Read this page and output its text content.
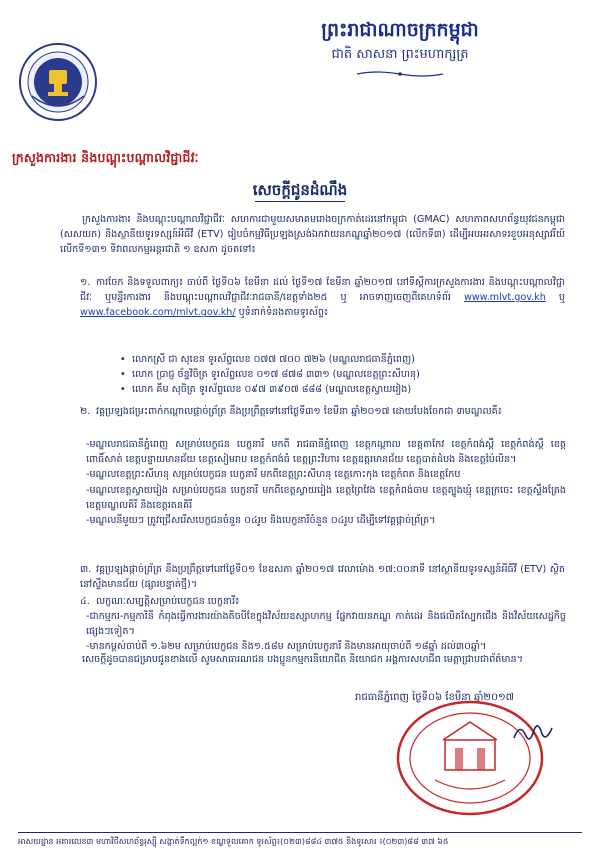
ព្រះរាជាណាចក្រកម្ពុជា
ជាតិ សាសនា ព្រះមហាក្សត្រ
ក្រសួងការងារ និងបណ្តុះបណ្តាលវិជ្ជាជីវៈ
សេចក្តីជូនដំណឹង
ក្រសួងការងារ និងបណ្តុះបណ្តាលវិជ្ជាជីវៈ សហការជាមួយសមាគមរោងចក្រកាត់ដេរនៅកម្ពុជា (GMAC) សហភាពសហព័ន្ធយុវជនកម្ពុជា (សសយក) និងស្ថានីយទូរទស្សន៍អីធីវី (ETV) រៀបចំកម្មវិធីប្រឡងស្រង់ឯកវាយនភណ្ឌឆ្នាំ២០១៧ (លើកទី៣) ដើម្បីអបអរសាទរខួបអនុស្សាវរីយ៍លើកទី១៣១ ទិវាពលកម្មអន្តរជាតិ ១ ឧសភា ដូចតទៅ៖
១. ការចែក និងទទួលពាក្យ៖ ចាប់ពី ថ្ងៃទី០៦ ខែមីនា ដល់ ថ្ងៃទី១៧ ខែមីនា ឆ្នាំ២០១៧ នៅទីស្តីការក្រសួងការងារ និងបណ្តុះបណ្តាលវិជ្ជាជីវៈ ឬមន្ទីរការងារ និងបណ្តុះបណ្តាលវិជ្ជាជីវៈរាជធានី/ខេត្តទាំង២៥ ឬ អាចទាញចេញពីគេហទំព័រ www.mlvt.gov.kh ឬ www.facebook.com/mlvt.gov.kh/ ឬទំនាក់ទំនងតាមទូរស័ព្ទ៖
• លោកស្រី ជា សុខេន ទូរស័ព្ទលេខ ០៧៧ ៧០០ ៧២៦ (មណ្ឌលរាជធានីភ្នំពេញ)
• លោក ប្រាជ្ញ ច័ន្ទវិចិត្រ ទូរស័ព្ទលេខ ០១៧ ៨៧៨ ៣៣១ (មណ្ឌលខេត្តព្រះសីហនុ)
• លោក គឹម សុចិត្រ ទូរស័ព្ទលេខ ០៩៧ ៣៩០៧ ៨៨៨ (មណ្ឌលខេត្តស្វាយរៀង)
២. វគ្គប្រឡងជម្រះពាក់កណ្តាលផ្តាច់ព្រ័ត្រ នឹងប្រព្រឹត្តទៅនៅថ្ងៃទី៣១ ខែមីនា ឆ្នាំ២០១៧ ដោយបែងចែកជា ៣មណ្ឌលគឺ៖
-មណ្ឌលរាជធានីភ្នំពេញ សម្រាប់បេក្ខជន បេក្ខនារី មកពី រាជធានីភ្នំពេញ ខេត្តកណ្តាល ខេត្តតាកែវ ខេត្តកំពង់ស្ពឺ ខេត្តកំពង់ស្ពឺ ខេត្តពោធិ៍សាត់ ខេត្តបន្ទាយមានជ័យ ខេត្តសៀមរាប ខេត្តកំពង់ធំ ខេត្តព្រះវិហារ ខេត្តឧត្តរមានជ័យ ខេត្តបាត់ដំបង និងខេត្តប៉ៃលិន។
-មណ្ឌលខេត្តព្រះសីហនុ សម្រាប់បេក្ខជន បេក្ខនារី មកពីខេត្តព្រះសីហនុ ខេត្តកោះកុង ខេត្តកំពត និងខេត្តកែប
-មណ្ឌលខេត្តស្វាយរៀង សម្រាប់បេក្ខជន បេក្ខនារី មកពីខេត្តស្វាយរៀង ខេត្តព្រៃវែង ខេត្តកំពង់ចាម ខេត្តត្បូងឃ្មុំ ខេត្តក្រចេះ ខេត្តស្ទឹងត្រែង ខេត្តមណ្ឌលគិរី និងខេត្តរតនគិរី
-មណ្ឌលនីមួយៗ ត្រូវជ្រើសរើសបេក្ខជនចំនួន ០៤រូប និងបេក្ខនារីចំនួន ០៤រូប ដើម្បីទៅវគ្គផ្តាច់ព្រ័ត្រ។
៣. វគ្គប្រឡងផ្តាច់ព្រ័ត្រ នឹងប្រព្រឹត្តទៅនៅថ្ងៃទី០១ ខែឧសភា ឆ្នាំ២០១៧ វេលាម៉ោង ១៧:០០នាទី នៅស្ថានីយទូរទស្សន៍អីធីវី (ETV) ស្ថិតនៅស្ទឹងមានជ័យ (ផ្សារបន្ទាត់ថ្មី)។
៤. លក្ខណៈសម្បត្តិសម្រាប់បេក្ខជន បេក្ខនារី៖
-ជាកម្មករ-កម្មការិនី កំពុងធ្វើការងារយ៉ាងតិចបីខែក្នុងវិស័យឧស្សាហកម្ម ផ្នែកវាយនភណ្ឌ កាត់ដេរ និងផលិតស្បែកជើង និងវិស័យសេដ្ឋកិច្ចផ្សេងៗទៀត។
-មានកម្ពស់ចាប់ពី ១.៦២ម សម្រាប់បេក្ខជន និង១.៥៨ម សម្រាប់បេក្ខនារី និងមានអាយុចាប់ពី ១៨ឆ្នាំ ដល់៣០ឆ្នាំ។
សេចក្តីដូចបានជម្រាបជូនខាងលើ សូមសាធារណជន បងប្អូនកម្មករនិយោជិត និយោជក អង្គការសហជីព មេត្តាជ្រាបជាព័ត៌មាន។
រាជធានីភ្នំពេញ ថ្ងៃទី០៦ ខែមីនា ឆ្នាំ២០១៧
អាសយដ្ឋាន អគារលេខ៣ មហាវិថីសហព័ន្ធរុស្ស៊ី សង្កាត់ទឹកល្អក់១ ខណ្ឌទួលគោក ទូរស័ព្ទ៖(០២៣)៨៨៤ ៣៧៥ និងទូរសារ ៖(០២៣)៨៨ ៣៧ ៦៥
